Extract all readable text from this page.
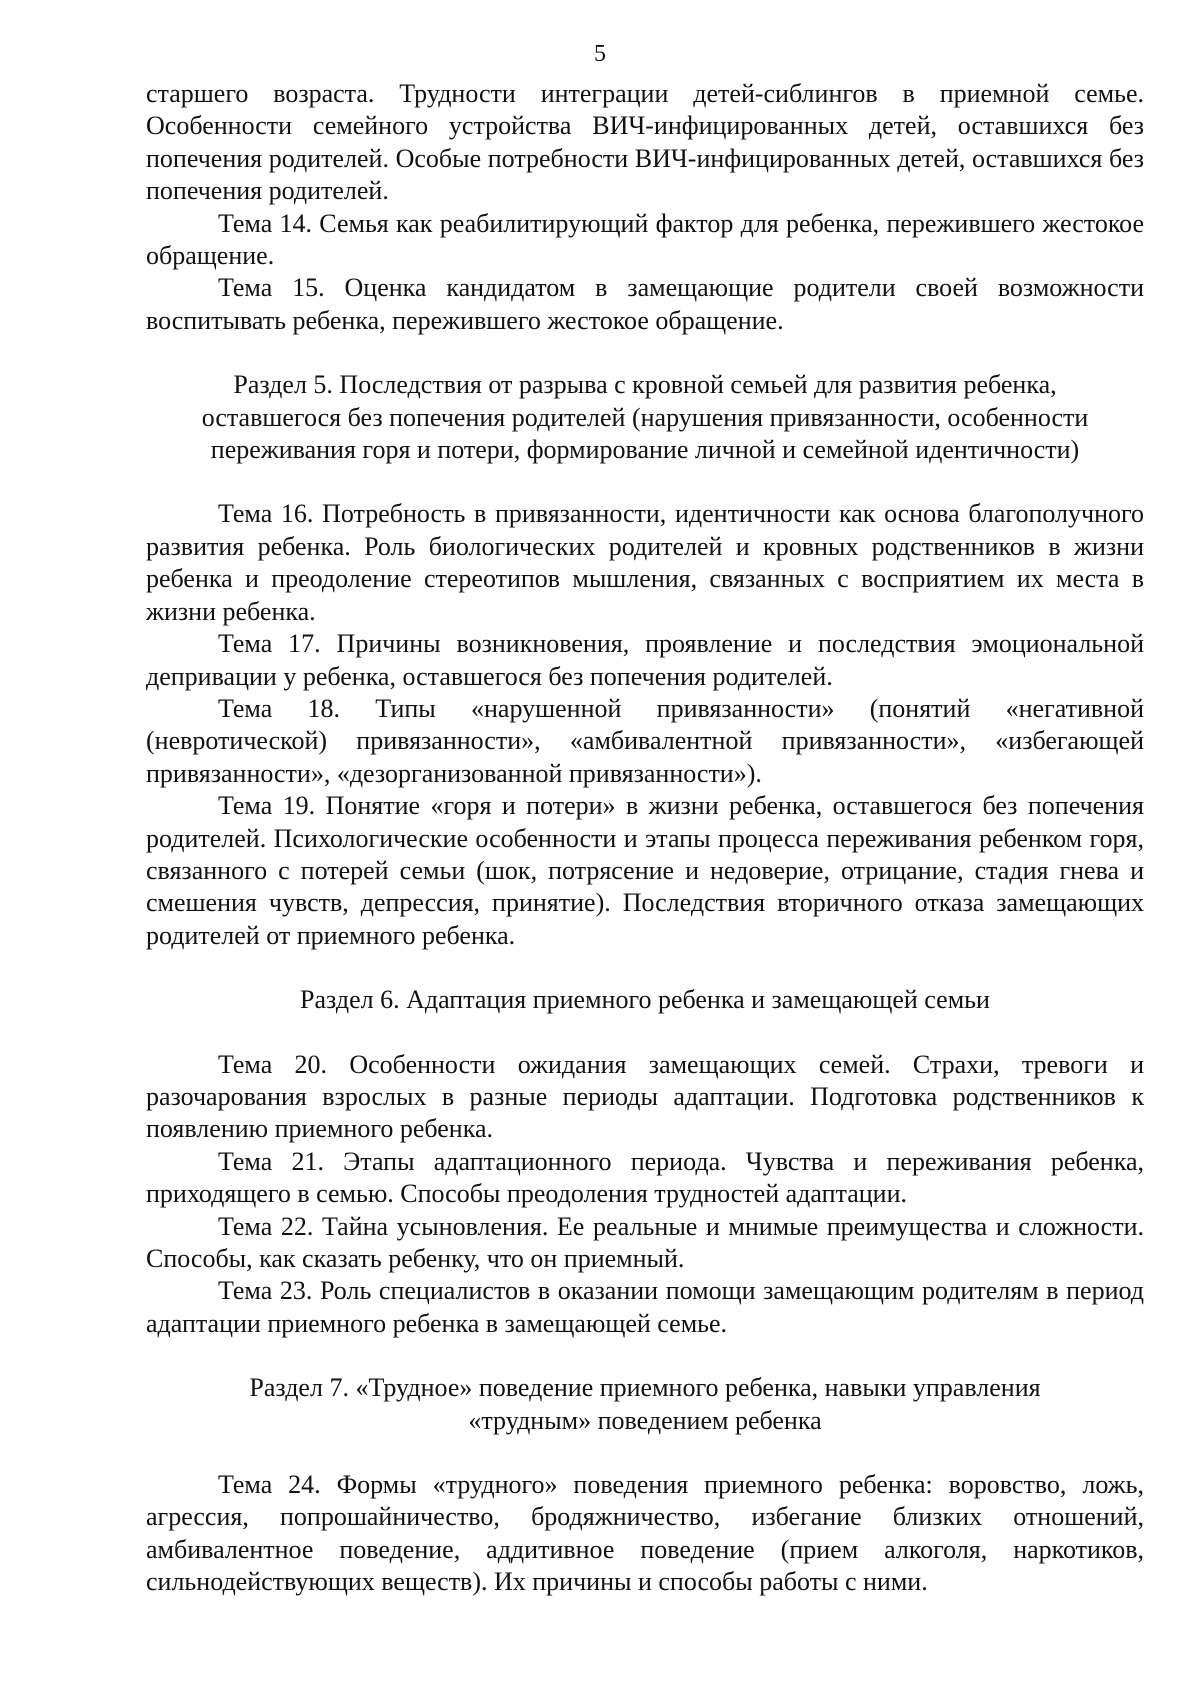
5

старшего возраста. Трудности интеграции детей-сиблингов в приемной семье. Особенности семейного устройства ВИЧ-инфицированных детей, оставшихся без попечения родителей. Особые потребности ВИЧ-инфицированных детей, оставшихся без попечения родителей.

Тема 14. Семья как реабилитирующий фактор для ребенка, пережившего жестокое обращение.

Тема 15. Оценка кандидатом в замещающие родители своей возможности воспитывать ребенка, пережившего жестокое обращение.

Раздел 5. Последствия от разрыва с кровной семьей для развития ребенка,
оставшегося без попечения родителей (нарушения привязанности, особенности
переживания горя и потери, формирование личной и семейной идентичности)

Тема 16. Потребность в привязанности, идентичности как основа благополучного развития ребенка. Роль биологических родителей и кровных родственников в жизни ребенка и преодоление стереотипов мышления, связанных с восприятием их места в жизни ребенка.

Тема 17. Причины возникновения, проявление и последствия эмоциональной депривации у ребенка, оставшегося без попечения родителей.

Тема 18. Типы «нарушенной привязанности» (понятий «негативной (невротической) привязанности», «амбивалентной привязанности», «избегающей привязанности», «дезорганизованной привязанности»).

Тема 19. Понятие «горя и потери» в жизни ребенка, оставшегося без попечения родителей. Психологические особенности и этапы процесса переживания ребенком горя, связанного с потерей семьи (шок, потрясение и недоверие, отрицание, стадия гнева и смешения чувств, депрессия, принятие). Последствия вторичного отказа замещающих родителей от приемного ребенка.

Раздел 6. Адаптация приемного ребенка и замещающей семьи

Тема 20. Особенности ожидания замещающих семей. Страхи, тревоги и разочарования взрослых в разные периоды адаптации. Подготовка родственников к появлению приемного ребенка.

Тема 21. Этапы адаптационного периода. Чувства и переживания ребенка, приходящего в семью. Способы преодоления трудностей адаптации.

Тема 22. Тайна усыновления. Ее реальные и мнимые преимущества и сложности. Способы, как сказать ребенку, что он приемный.

Тема 23. Роль специалистов в оказании помощи замещающим родителям в период адаптации приемного ребенка в замещающей семье.

Раздел 7. «Трудное» поведение приемного ребенка, навыки управления
«трудным» поведением ребенка

Тема 24. Формы «трудного» поведения приемного ребенка: воровство, ложь, агрессия, попрошайничество, бродяжничество, избегание близких отношений, амбивалентное поведение, аддитивное поведение (прием алкоголя, наркотиков, сильнодействующих веществ). Их причины и способы работы с ними.
